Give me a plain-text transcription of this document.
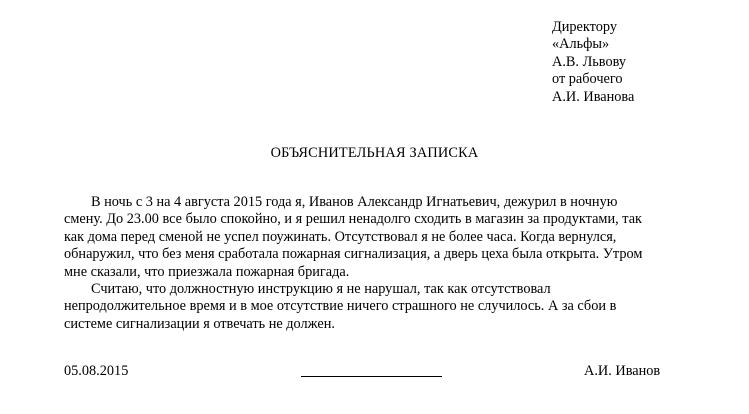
Директору
«Альфы»
А.В. Львову
от рабочего
А.И. Иванова
ОБЪЯСНИТЕЛЬНАЯ ЗАПИСКА
В ночь с 3 на 4 августа 2015 года я, Иванов Александр Игнатьевич, дежурил в ночную
смену. До 23.00 все было спокойно, и я решил ненадолго сходить в магазин за продуктами, так
как дома перед сменой не успел поужинать. Отсутствовал я не более часа. Когда вернулся,
обнаружил, что без меня сработала пожарная сигнализация, а дверь цеха была открыта. Утром
мне сказали, что приезжала пожарная бригада.
Считаю, что должностную инструкцию я не нарушал, так как отсутствовал
непродолжительное время и в мое отсутствие ничего страшного не случилось. А за сбои в
системе сигнализации я отвечать не должен.
05.08.2015	А.И. Иванов
